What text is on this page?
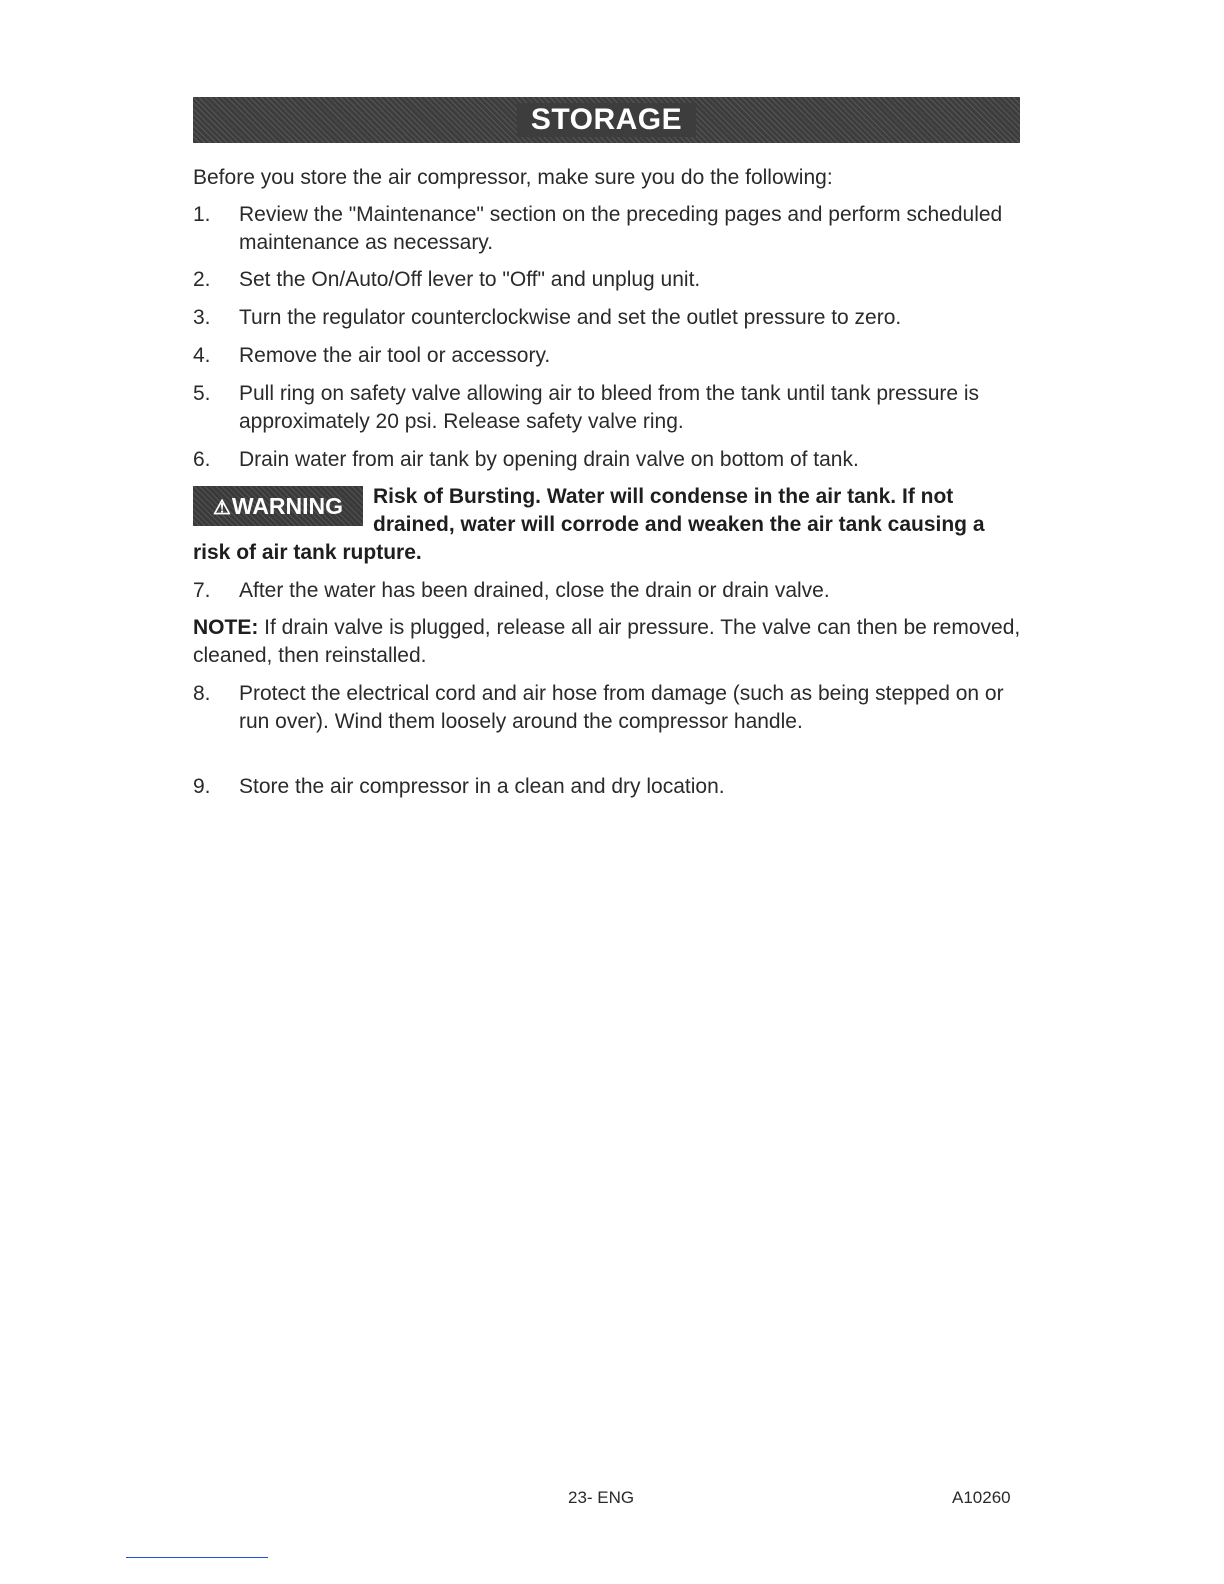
STORAGE

Before you store the air compressor, make sure you do the following:

1.	Review the "Maintenance" section on the preceding pages and perform scheduled maintenance as necessary.
2.	Set the On/Auto/Off lever to "Off" and unplug unit.
3.	Turn the regulator counterclockwise and set the outlet pressure to zero.
4.	Remove the air tool or accessory.
5.	Pull ring on safety valve allowing air to bleed from the tank until tank pressure is approximately 20 psi. Release safety valve ring.
6.	Drain water from air tank by opening drain valve on bottom of tank.
⚠WARNING	Risk of Bursting. Water will condense in the air tank. If not drained, water will corrode and weaken the air tank causing a risk of air tank rupture.
7.	After the water has been drained, close the drain or drain valve.

NOTE: If drain valve is plugged, release all air pressure. The valve can then be removed, cleaned, then reinstalled.

8.	Protect the electrical cord and air hose from damage (such as being stepped on or run over). Wind them loosely around the compressor handle.
9.	Store the air compressor in a clean and dry location.
23- ENG	A10260
